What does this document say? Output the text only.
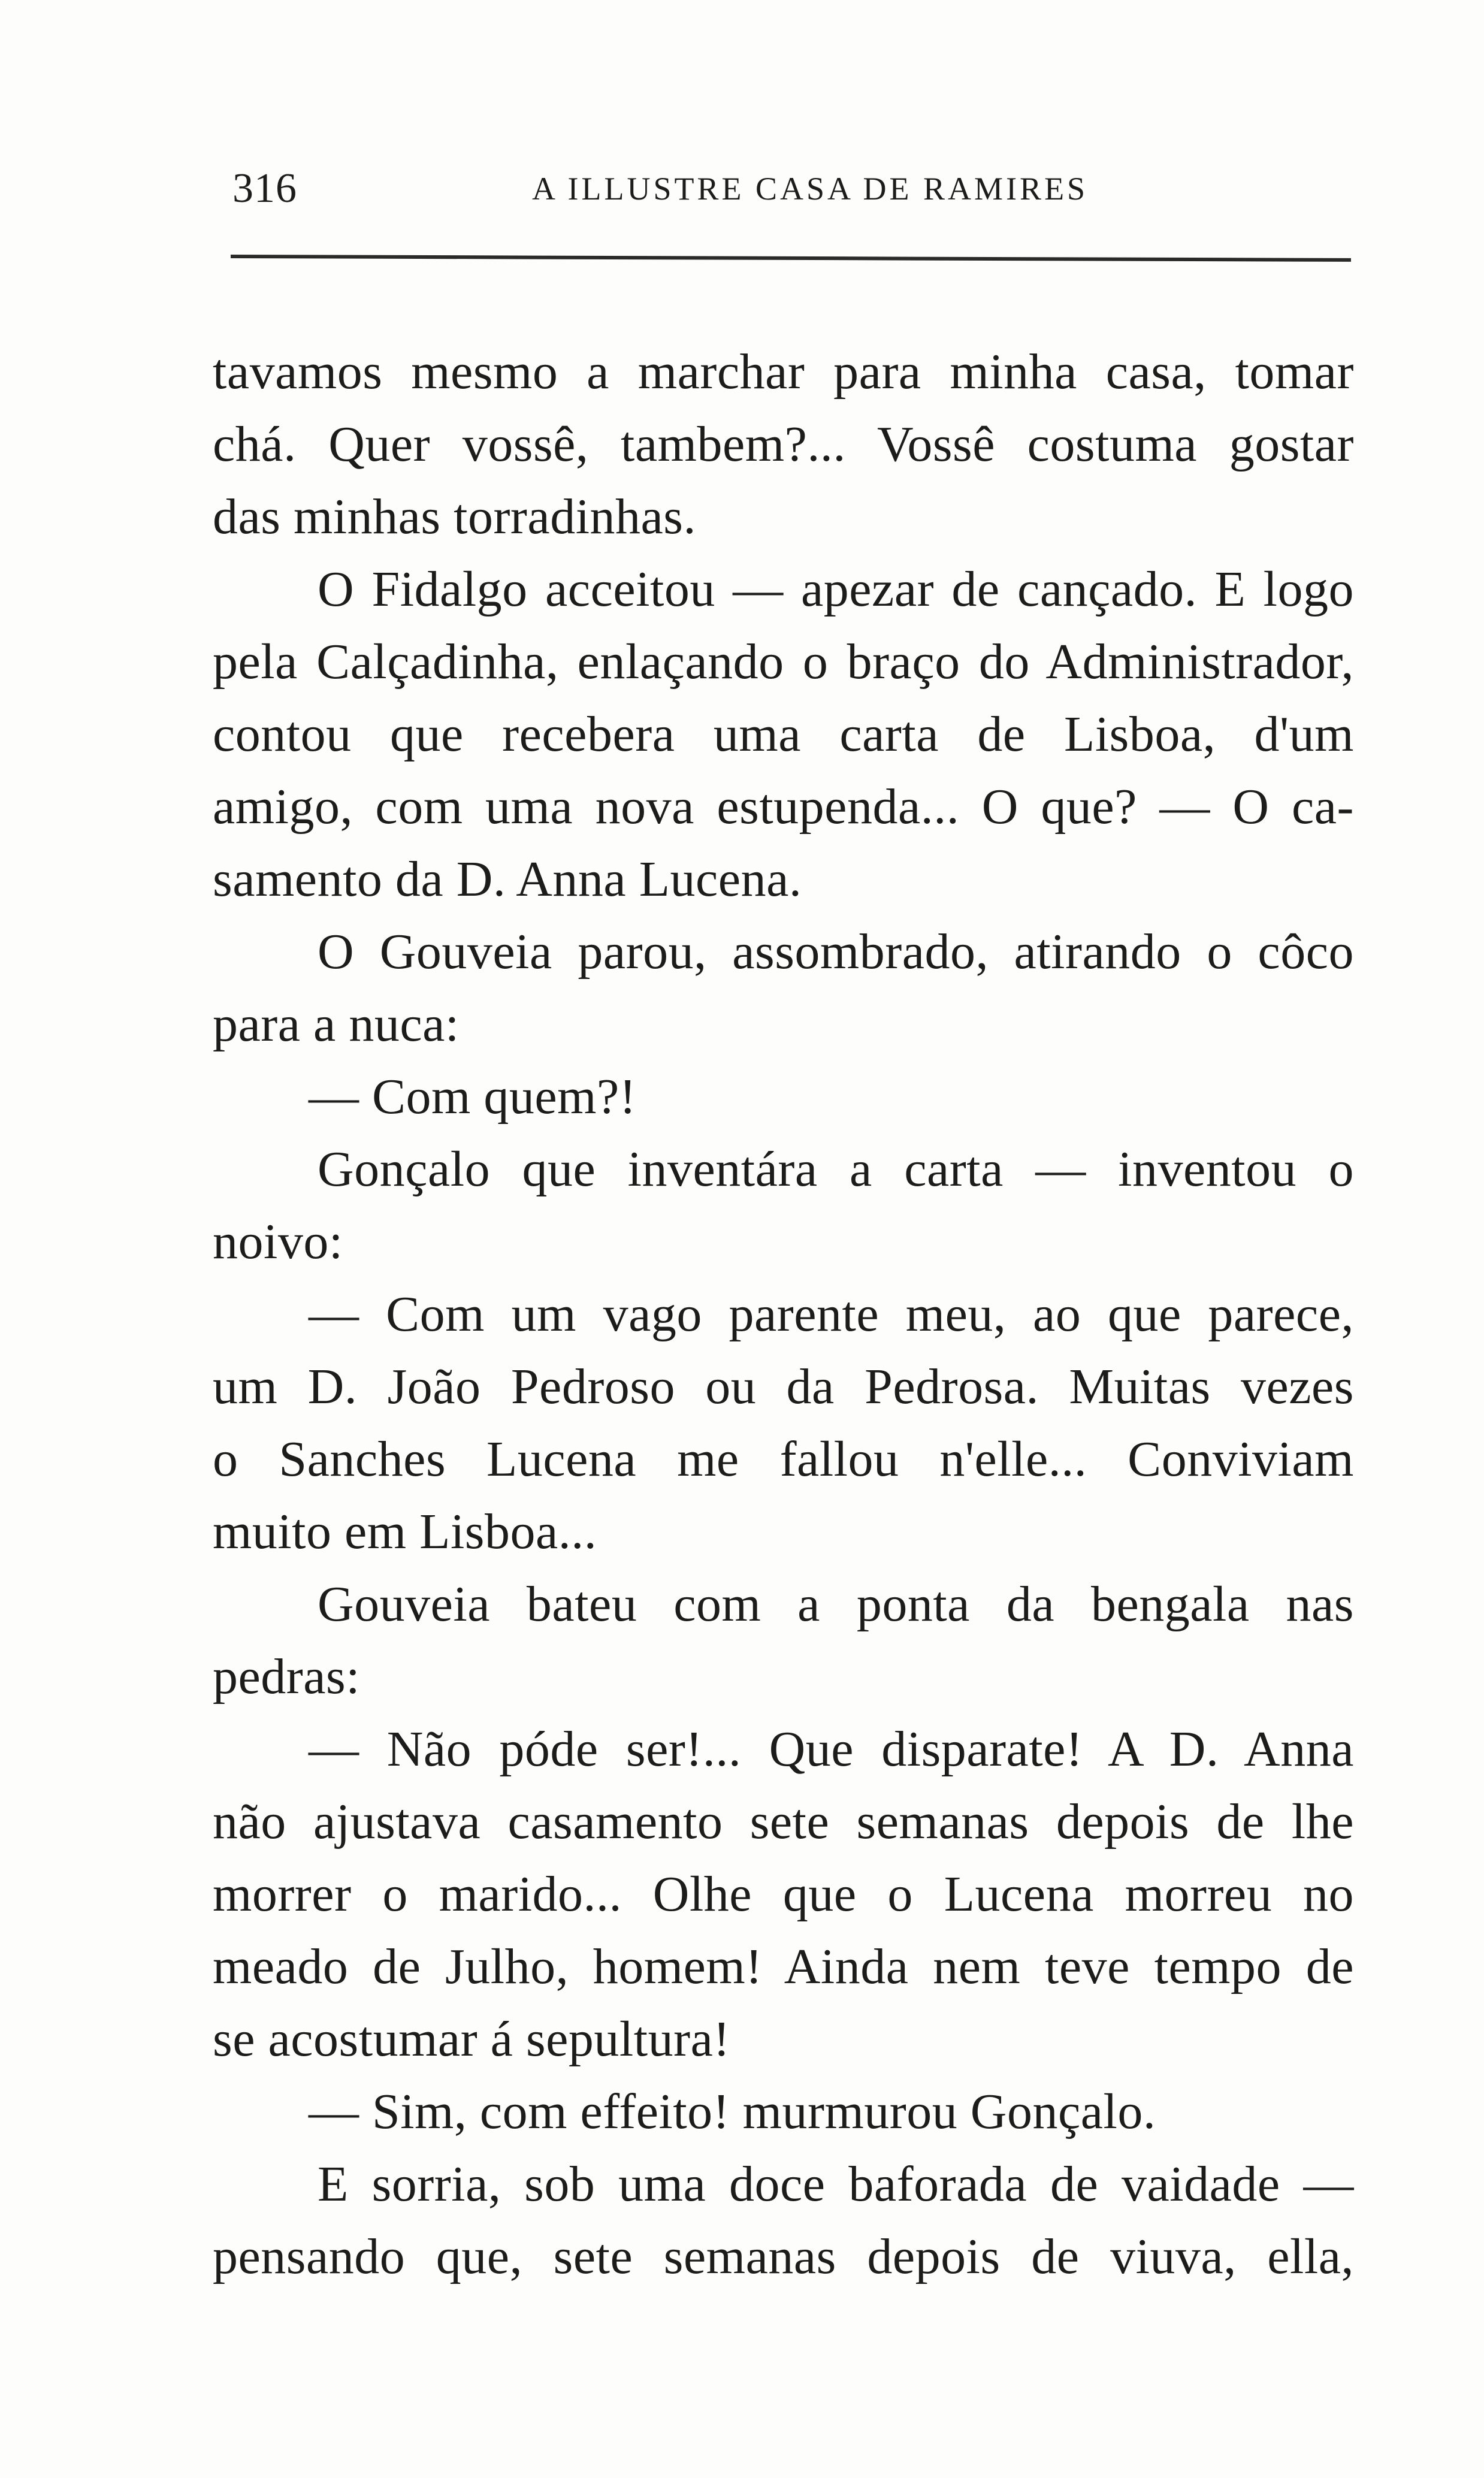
316	A ILLUSTRE CASA DE RAMIRES
tavamos mesmo a marchar para minha casa, tomar
chá. Quer vossê, tambem?... Vossê costuma gostar
das minhas torradinhas.
O Fidalgo acceitou — apezar de cançado. E logo
pela Calçadinha, enlaçando o braço do Administrador,
contou que recebera uma carta de Lisboa, d'um
amigo, com uma nova estupenda... O que? — O ca-
samento da D. Anna Lucena.
O Gouveia parou, assombrado, atirando o côco
para a nuca:
— Com quem?!
Gonçalo que inventára a carta — inventou o
noivo:
— Com um vago parente meu, ao que parece,
um D. João Pedroso ou da Pedrosa. Muitas vezes
o Sanches Lucena me fallou n'elle... Conviviam
muito em Lisboa...
Gouveia bateu com a ponta da bengala nas
pedras:
— Não póde ser!... Que disparate! A D. Anna
não ajustava casamento sete semanas depois de lhe
morrer o marido... Olhe que o Lucena morreu no
meado de Julho, homem! Ainda nem teve tempo de
se acostumar á sepultura!
— Sim, com effeito! murmurou Gonçalo.
E sorria, sob uma doce baforada de vaidade —
pensando que, sete semanas depois de viuva, ella,
